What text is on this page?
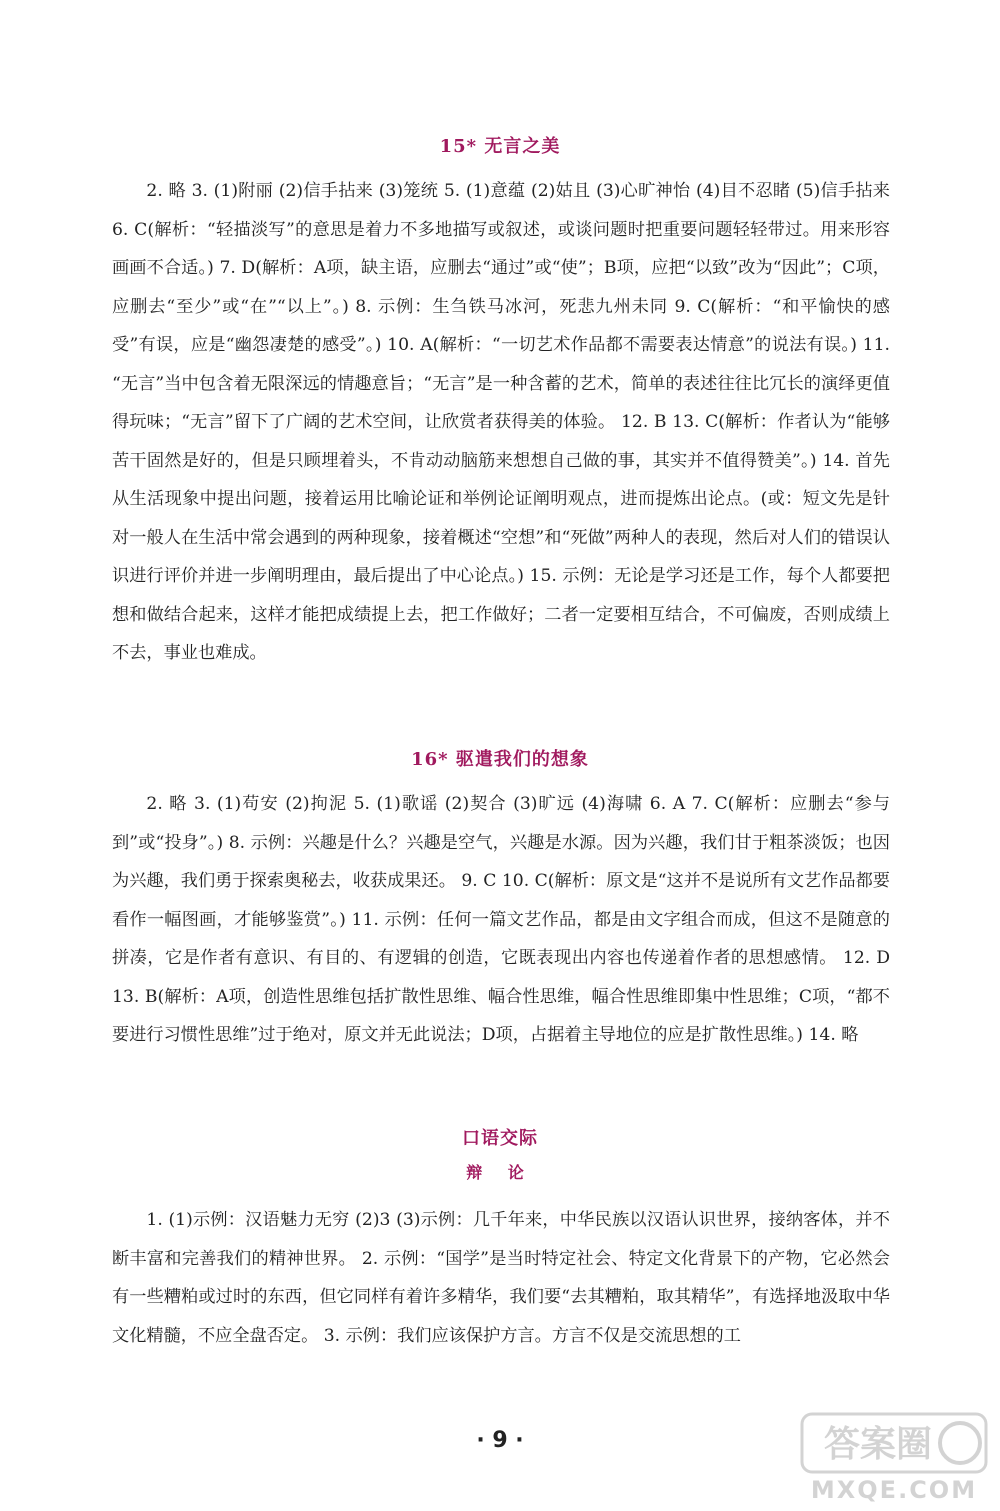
15* 无言之美

2. 略 3. (1)附丽 (2)信手拈来 (3)笼统 5. (1)意蕴 (2)姑且 (3)心旷神怡 (4)目不忍睹 (5)信手拈来 6. C(解析：“轻描淡写”的意思是着力不多地描写或叙述，或谈问题时把重要问题轻轻带过。用来形容画画不合适。) 7. D(解析：A项，缺主语，应删去“通过”或“使”；B项，应把“以致”改为“因此”；C项，应删去“至少”或“在”“以上”。) 8. 示例：生刍铁马冰河，死悲九州未同 9. C(解析：“和平愉快的感受”有误，应是“幽怨凄楚的感受”。) 10. A(解析：“一切艺术作品都不需要表达情意”的说法有误。) 11. “无言”当中包含着无限深远的情趣意旨；“无言”是一种含蓄的艺术，简单的表述往往比冗长的演绎更值得玩味；“无言”留下了广阔的艺术空间，让欣赏者获得美的体验。 12. B 13. C(解析：作者认为“能够苦干固然是好的，但是只顾埋着头，不肯动动脑筋来想想自己做的事，其实并不值得赞美”。) 14. 首先从生活现象中提出问题，接着运用比喻论证和举例论证阐明观点，进而提炼出论点。(或：短文先是针对一般人在生活中常会遇到的两种现象，接着概述“空想”和“死做”两种人的表现，然后对人们的错误认识进行评价并进一步阐明理由，最后提出了中心论点。) 15. 示例：无论是学习还是工作，每个人都要把想和做结合起来，这样才能把成绩提上去，把工作做好；二者一定要相互结合，不可偏废，否则成绩上不去，事业也难成。

16* 驱遣我们的想象

2. 略 3. (1)苟安 (2)拘泥 5. (1)歌谣 (2)契合 (3)旷远 (4)海啸 6. A 7. C(解析：应删去“参与到”或“投身”。) 8. 示例：兴趣是什么？兴趣是空气，兴趣是水源。因为兴趣，我们甘于粗茶淡饭；也因为兴趣，我们勇于探索奥秘去，收获成果还。 9. C 10. C(解析：原文是“这并不是说所有文艺作品都要看作一幅图画，才能够鉴赏”。) 11. 示例：任何一篇文艺作品，都是由文字组合而成，但这不是随意的拼凑，它是作者有意识、有目的、有逻辑的创造，它既表现出内容也传递着作者的思想感情。 12. D 13. B(解析：A项，创造性思维包括扩散性思维、幅合性思维，幅合性思维即集中性思维；C项，“都不要进行习惯性思维”过于绝对，原文并无此说法；D项，占据着主导地位的应是扩散性思维。) 14. 略

口语交际
辩 论

1. (1)示例：汉语魅力无穷 (2)3 (3)示例：几千年来，中华民族以汉语认识世界，接纳客体，并不断丰富和完善我们的精神世界。 2. 示例：“国学”是当时特定社会、特定文化背景下的产物，它必然会有一些糟粕或过时的东西，但它同样有着许多精华，我们要“去其糟粕，取其精华”，有选择地汲取中华文化精髓，不应全盘否定。 3. 示例：我们应该保护方言。方言不仅是交流思想的工

· 9 ·	答案圈
MXQE.COM
